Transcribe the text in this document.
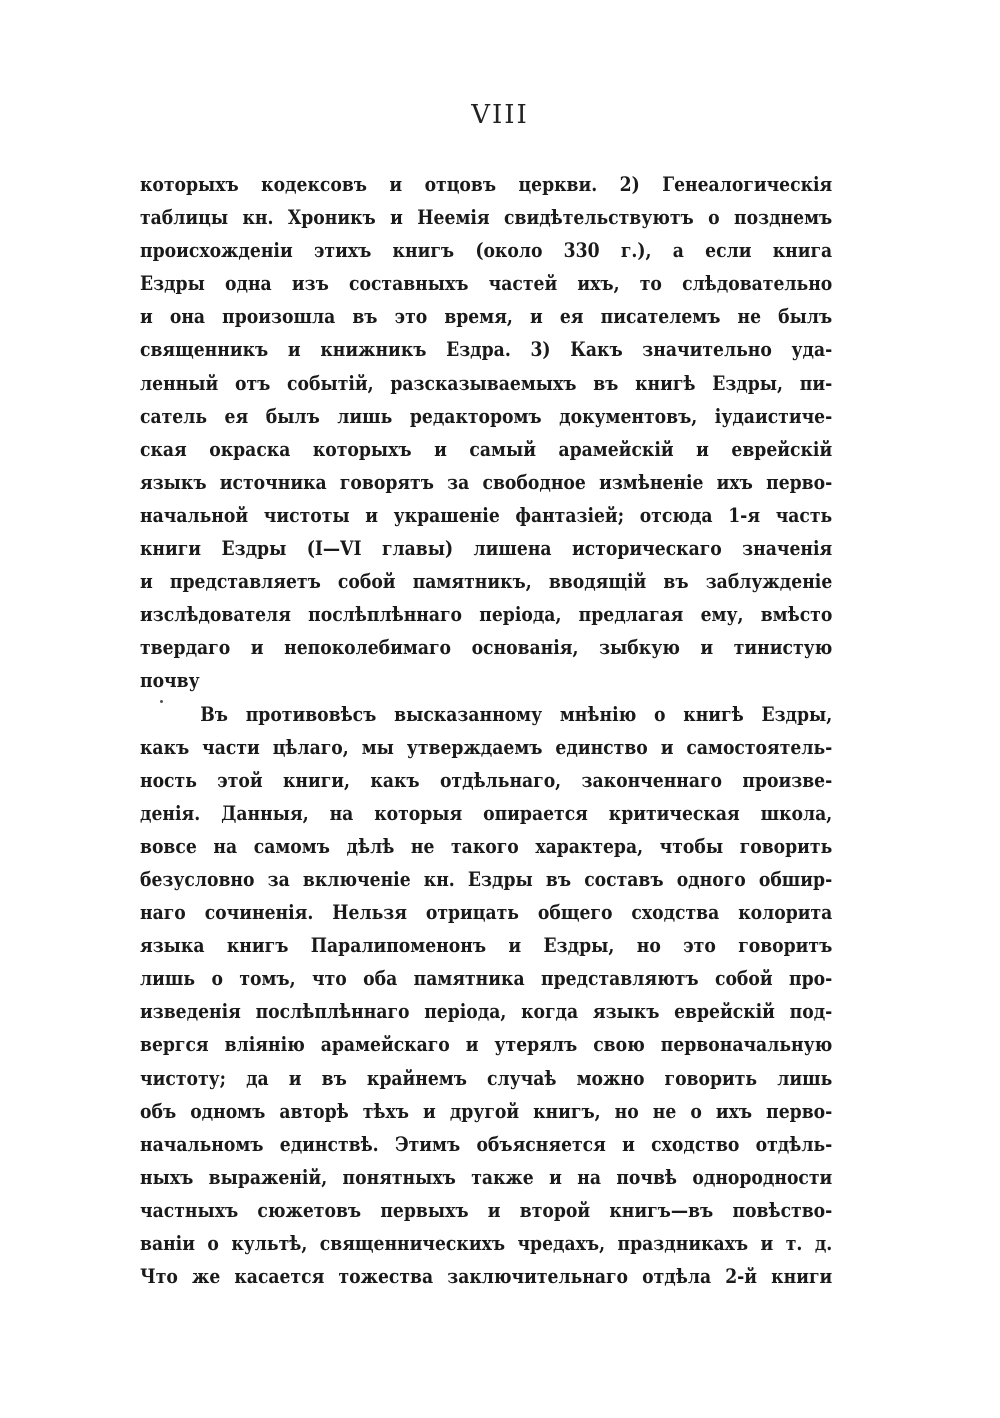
VIII
которыхъ кодексовъ и отцовъ церкви. 2) Генеалогическія
таблицы кн. Хроникъ и Неемія свидѣтельствуютъ о позднемъ
происхожденіи этихъ книгъ (около 330 г.), а если книга
Ездры одна изъ составныхъ частей ихъ, то слѣдовательно
и она произошла въ это время, и ея писателемъ не былъ
священникъ и книжникъ Ездра. 3) Какъ значительно уда-
ленный отъ событій, разсказываемыхъ въ книгѣ Ездры, пи-
сатель ея былъ лишь редакторомъ документовъ, іудаистиче-
ская окраска которыхъ и самый арамейскій и еврейскій
языкъ источника говорятъ за свободное измѣненіе ихъ перво-
начальной чистоты и украшеніе фантазіей; отсюда 1-я часть
книги Ездры (I—VI главы) лишена историческаго значенія
и представляетъ собой памятникъ, вводящій въ заблужденіе
изслѣдователя послѣплѣннаго періода, предлагая ему, вмѣсто
твердаго и непоколебимаго основанія, зыбкую и тинистую
почву
Въ противовѣсъ высказанному мнѣнію о книгѣ Ездры,
какъ части цѣлаго, мы утверждаемъ единство и самостоятель-
ность этой книги, какъ отдѣльнаго, законченнаго произве-
денія. Данныя, на которыя опирается критическая школа,
вовсе на самомъ дѣлѣ не такого характера, чтобы говорить
безусловно за включеніе кн. Ездры въ составъ одного обшир-
наго сочиненія. Нельзя отрицать общего сходства колорита
языка книгъ Паралипоменонъ и Ездры, но это говоритъ
лишь о томъ, что оба памятника представляютъ собой про-
изведенія послѣплѣннаго періода, когда языкъ еврейскій под-
вергся вліянію арамейскаго и утерялъ свою первоначальную
чистоту; да и въ крайнемъ случаѣ можно говорить лишь
объ одномъ авторѣ тѣхъ и другой книгъ, но не о ихъ перво-
начальномъ единствѣ. Этимъ объясняется и сходство отдѣль-
ныхъ выраженій, понятныхъ также и на почвѣ однородности
частныхъ сюжетовъ первыхъ и второй книгъ—въ повѣство-
ваніи о культѣ, священническихъ чредахъ, праздникахъ и т. д.
Что же касается тожества заключительнаго отдѣла 2-й книги
